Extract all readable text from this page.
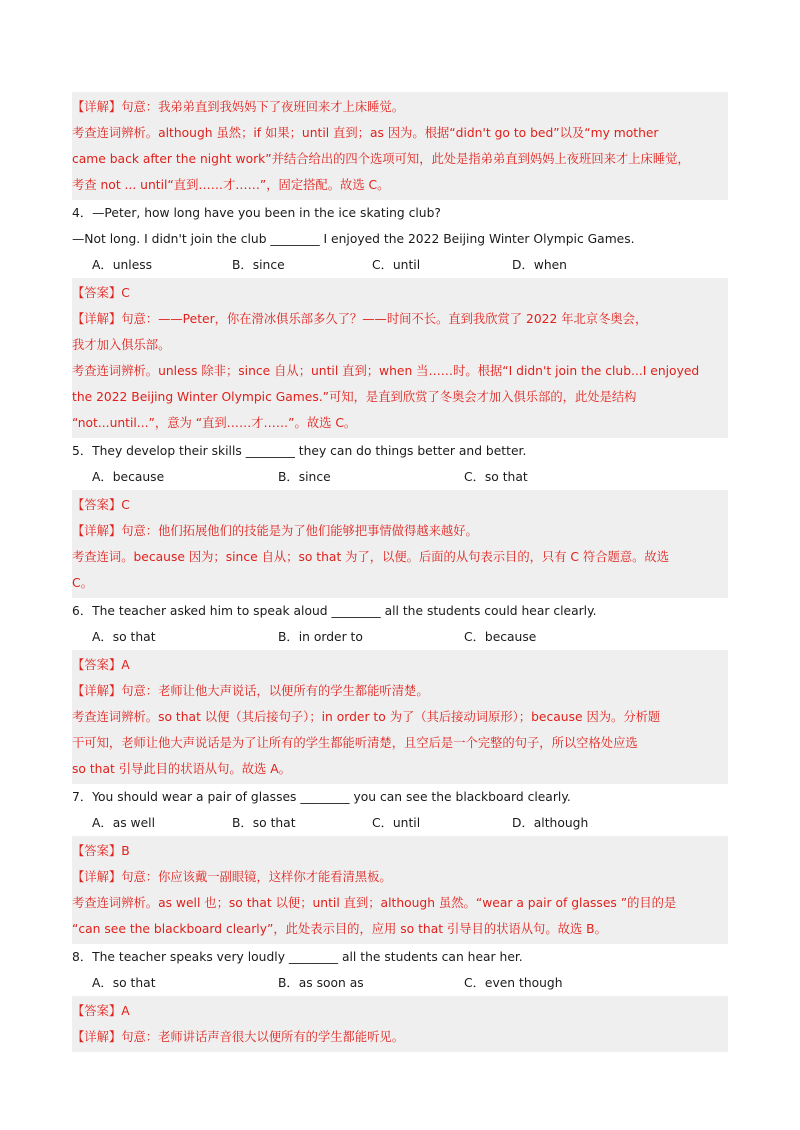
【详解】句意：我弟弟直到我妈妈下了夜班回来才上床睡觉。
考查连词辨析。although 虽然；if 如果；until 直到；as 因为。根据“didn't go to bed”以及“my mother
came back after the night work”并结合给出的四个选项可知，此处是指弟弟直到妈妈上夜班回来才上床睡觉，
考查 not ... until“直到……才……”，固定搭配。故选 C。
4．—Peter, how long have you been in the ice skating club?
—Not long. I didn't join the club ________ I enjoyed the 2022 Beijing Winter Olympic Games.
A．unless	B．since	C．until	D．when
【答案】C
【详解】句意：——Peter，你在滑冰俱乐部多久了？——时间不长。直到我欣赏了 2022 年北京冬奥会，
我才加入俱乐部。
考查连词辨析。unless 除非；since 自从；until 直到；when 当……时。根据“I didn't join the club...I enjoyed
the 2022 Beijing Winter Olympic Games.”可知，是直到欣赏了冬奥会才加入俱乐部的，此处是结构
“not...until...”，意为 “直到……才……”。故选 C。
5．They develop their skills ________ they can do things better and better.
A．because	B．since	C．so that
【答案】C
【详解】句意：他们拓展他们的技能是为了他们能够把事情做得越来越好。
考查连词。because 因为；since 自从；so that 为了，以便。后面的从句表示目的，只有 C 符合题意。故选
C。
6．The teacher asked him to speak aloud ________ all the students could hear clearly.
A．so that	B．in order to	C．because
【答案】A
【详解】句意：老师让他大声说话，以便所有的学生都能听清楚。
考查连词辨析。so that 以便（其后接句子）；in order to 为了（其后接动词原形）；because 因为。分析题
干可知，老师让他大声说话是为了让所有的学生都能听清楚，且空后是一个完整的句子，所以空格处应选
so that 引导此目的状语从句。故选 A。
7．You should wear a pair of glasses ________ you can see the blackboard clearly.
A．as well	B．so that	C．until	D．although
【答案】B
【详解】句意：你应该戴一副眼镜，这样你才能看清黑板。
考查连词辨析。as well 也；so that 以便；until 直到；although 虽然。“wear a pair of glasses ”的目的是
“can see the blackboard clearly”，此处表示目的，应用 so that 引导目的状语从句。故选 B。
8．The teacher speaks very loudly ________ all the students can hear her.
A．so that	B．as soon as	C．even though
【答案】A
【详解】句意：老师讲话声音很大以便所有的学生都能听见。
